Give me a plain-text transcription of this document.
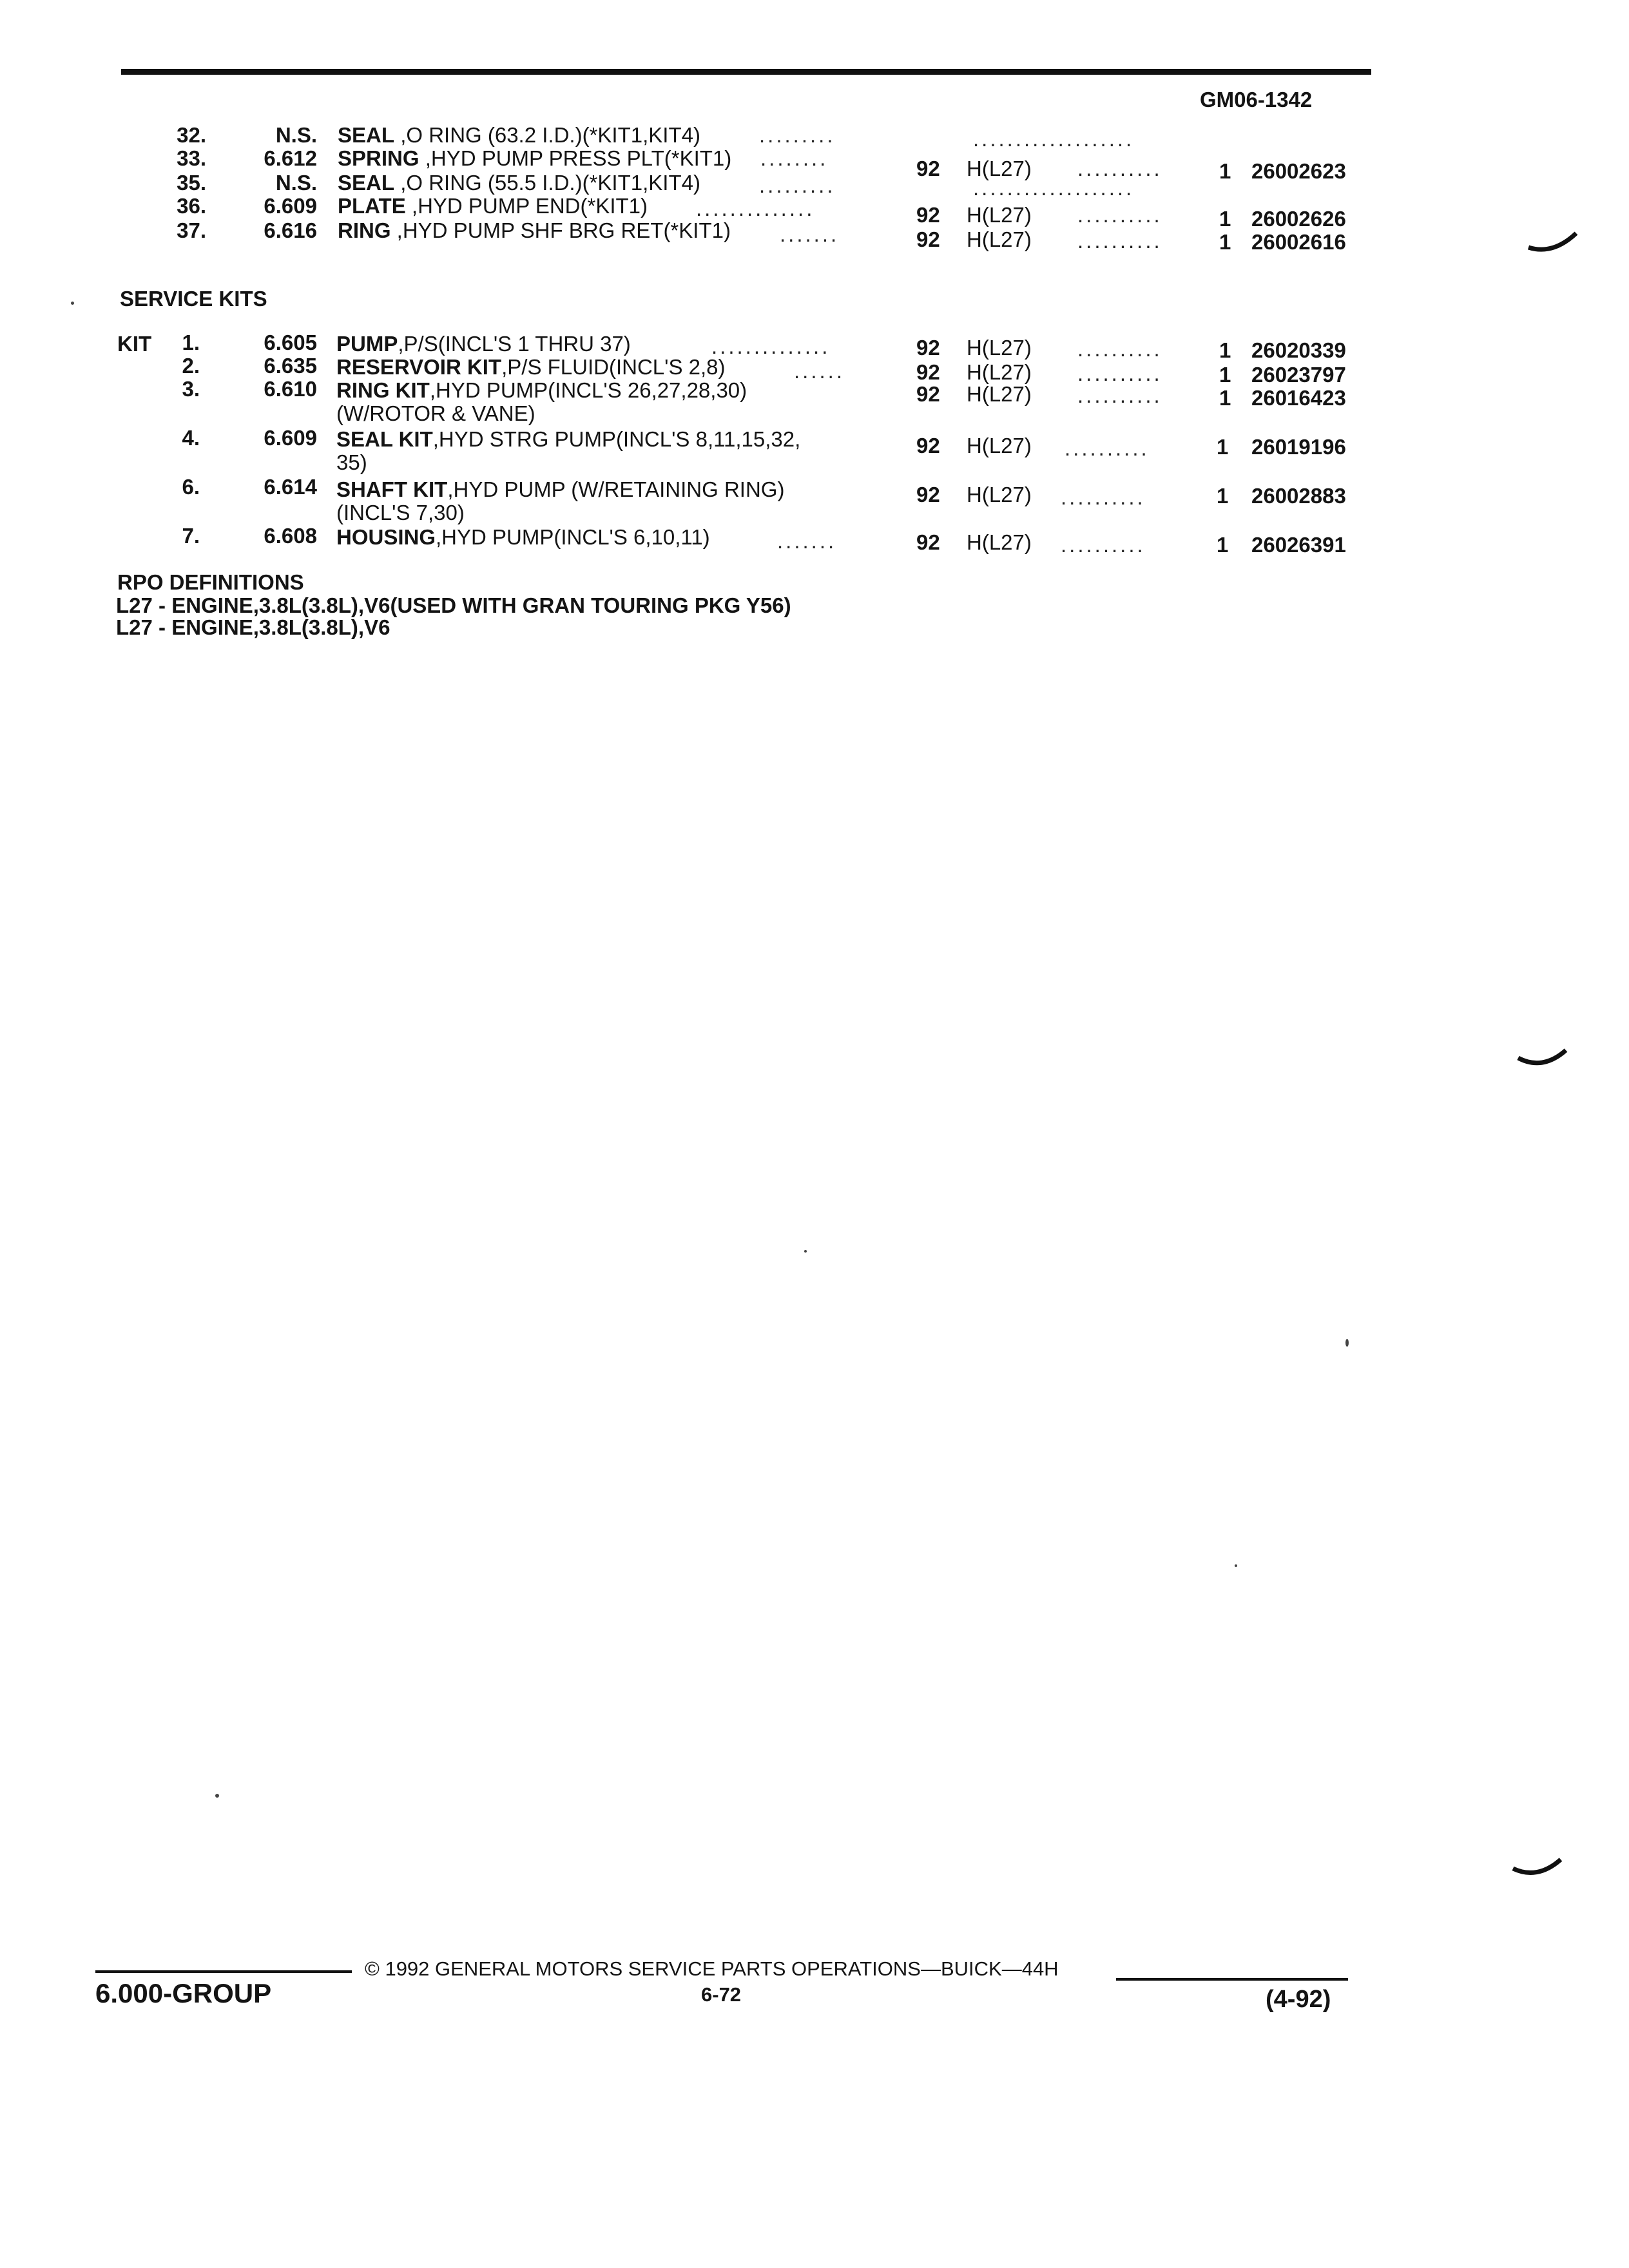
GM06-1342
32.	N.S. SEAL ,O RING (63.2 I.D.)(*KIT1,KIT4)	.........	...................
33.	6.612 SPRING ,HYD PUMP PRESS PLT(*KIT1) ........	92 H(L27) ..........	1 26002623
35.	N.S. SEAL ,O RING (55.5 I.D.)(*KIT1,KIT4)	.........	...................
36.	6.609 PLATE ,HYD PUMP END(*KIT1) ..............	92 H(L27) ..........	1 26002626
37.	6.616 RING ,HYD PUMP SHF BRG RET(*KIT1) .......	92 H(L27) ..........	1 26002616
SERVICE KITS
KIT	1.	6.605 PUMP,P/S(INCL'S 1 THRU 37)	..............	92 H(L27) ..........	1 26020339
2.	6.635 RESERVOIR KIT,P/S FLUID(INCL'S 2,8)	......	92 H(L27) ..........	1 26023797
3.	6.610 RING KIT,HYD PUMP(INCL'S 26,27,28,30)
(W/ROTOR & VANE)
92 H(L27) ..........	1 26016423
4.	6.609 SEAL KIT,HYD STRG PUMP(INCL'S 8,11,15,32,
35)
92 H(L27) ..........	1 26019196
6.	6.614 SHAFT KIT,HYD PUMP (W/RETAINING RING)
(INCL'S 7,30)
92 H(L27) ..........	1 26002883
7.	6.608 HOUSING,HYD PUMP(INCL'S 6,10,11)	.......	92 H(L27) ..........	1 26026391
RPO DEFINITIONS
L27 - ENGINE,3.8L(3.8L),V6(USED WITH GRAN TOURING PKG Y56)
L27 - ENGINE,3.8L(3.8L),V6
6.000-GROUP
© 1992 GENERAL MOTORS SERVICE PARTS OPERATIONS—BUICK—44H
6-72	(4-92)
